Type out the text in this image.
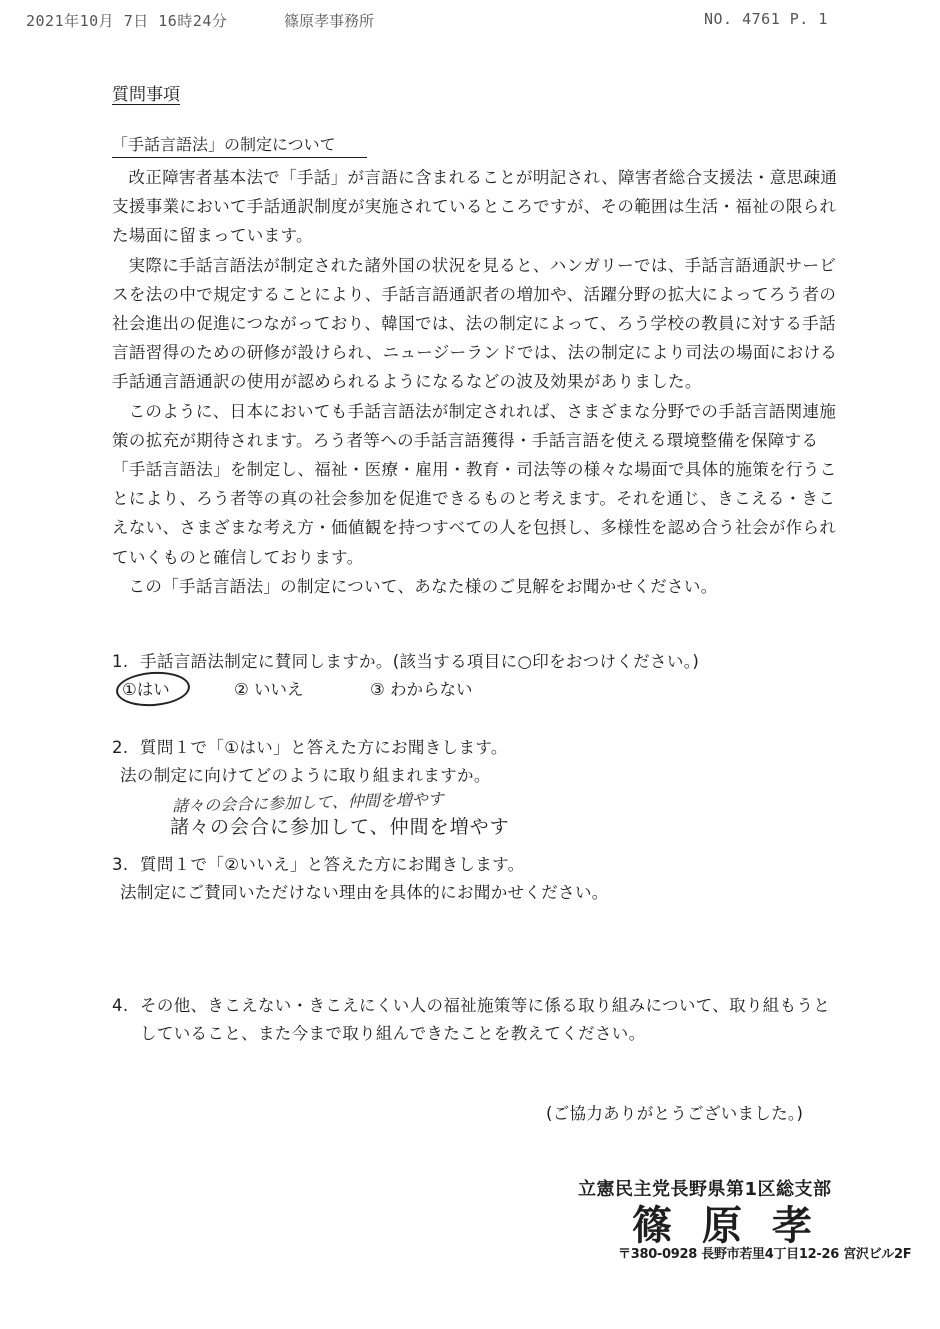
2021年10月 7日 16時24分	篠原孝事務所	NO. 4761 P. 1
質問事項
「手話言語法」の制定について

改正障害者基本法で「手話」が言語に含まれることが明記され、障害者総合支援法・意思疎通支援事業において手話通訳制度が実施されているところですが、その範囲は生活・福祉の限られた場面に留まっています。

実際に手話言語法が制定された諸外国の状況を見ると、ハンガリーでは、手話言語通訳サービスを法の中で規定することにより、手話言語通訳者の増加や、活躍分野の拡大によってろう者の社会進出の促進につながっており、韓国では、法の制定によって、ろう学校の教員に対する手話言語習得のための研修が設けられ、ニュージーランドでは、法の制定により司法の場面における手話通言語通訳の使用が認められるようになるなどの波及効果がありました。

このように、日本においても手話言語法が制定されれば、さまざまな分野での手話言語関連施策の拡充が期待されます。ろう者等への手話言語獲得・手話言語を使える環境整備を保障する「手話言語法」を制定し、福祉・医療・雇用・教育・司法等の様々な場面で具体的施策を行うことにより、ろう者等の真の社会参加を促進できるものと考えます。それを通じ、きこえる・きこえない、さまざまな考え方・価値観を持つすべての人を包摂し、多様性を認め合う社会が作られていくものと確信しております。

この「手話言語法」の制定について、あなた様のご見解をお聞かせください。

1. 手話言語法制定に賛同しますか。(該当する項目に○印をおつけください。)
①はい	② いいえ	③ わからない
2. 質問１で「①はい」と答えた方にお聞きします。
法の制定に向けてどのように取り組まれますか。
諸々の会合に参加して、仲間を増やす
諸々の会合に参加して、仲間を増やす
3. 質問１で「②いいえ」と答えた方にお聞きします。
法制定にご賛同いただけない理由を具体的にお聞かせください。
4. その他、きこえない・きこえにくい人の福祉施策等に係る取り組みについて、取り組もうとしていること、また今まで取り組んできたことを教えてください。
(ご協力ありがとうございました。)
立憲民主党長野県第1区総支部
篠原孝
〒380-0928 長野市若里4丁目12-26 宮沢ビル2F
